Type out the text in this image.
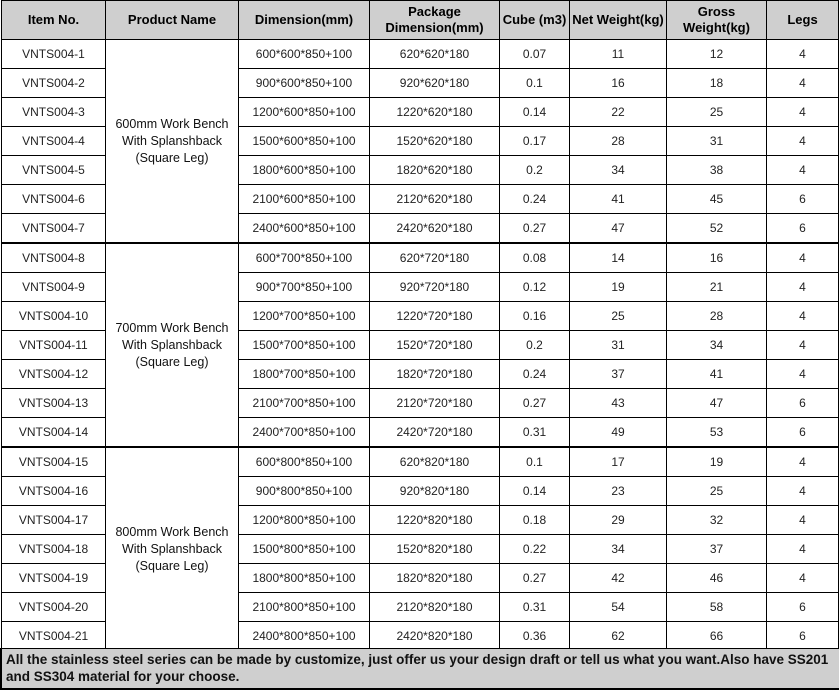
Item No.	Product Name	Dimension(mm)	Package Dimension(mm)	Cube (m3)	Net Weight(kg)	Gross Weight(kg)	Legs
VNTS004-1	600mm Work Bench With Splanshback (Square Leg)	600*600*850+100	620*620*180	0.07	11	12	4
VNTS004-2		900*600*850+100	920*620*180	0.1	16	18	4
VNTS004-3		1200*600*850+100	1220*620*180	0.14	22	25	4
VNTS004-4		1500*600*850+100	1520*620*180	0.17	28	31	4
VNTS004-5		1800*600*850+100	1820*620*180	0.2	34	38	4
VNTS004-6		2100*600*850+100	2120*620*180	0.24	41	45	6
VNTS004-7		2400*600*850+100	2420*620*180	0.27	47	52	6
VNTS004-8	700mm Work Bench With Splanshback (Square Leg)	600*700*850+100	620*720*180	0.08	14	16	4
VNTS004-9		900*700*850+100	920*720*180	0.12	19	21	4
VNTS004-10		1200*700*850+100	1220*720*180	0.16	25	28	4
VNTS004-11		1500*700*850+100	1520*720*180	0.2	31	34	4
VNTS004-12		1800*700*850+100	1820*720*180	0.24	37	41	4
VNTS004-13		2100*700*850+100	2120*720*180	0.27	43	47	6
VNTS004-14		2400*700*850+100	2420*720*180	0.31	49	53	6
VNTS004-15	800mm Work Bench With Splanshback (Square Leg)	600*800*850+100	620*820*180	0.1	17	19	4
VNTS004-16		900*800*850+100	920*820*180	0.14	23	25	4
VNTS004-17		1200*800*850+100	1220*820*180	0.18	29	32	4
VNTS004-18		1500*800*850+100	1520*820*180	0.22	34	37	4
VNTS004-19		1800*800*850+100	1820*820*180	0.27	42	46	4
VNTS004-20		2100*800*850+100	2120*820*180	0.31	54	58	6
VNTS004-21		2400*800*850+100	2420*820*180	0.36	62	66	6
All the stainless steel series can be made by customize, just offer us your design draft or tell us what you want.Also have SS201 and SS304 material for your choose.
